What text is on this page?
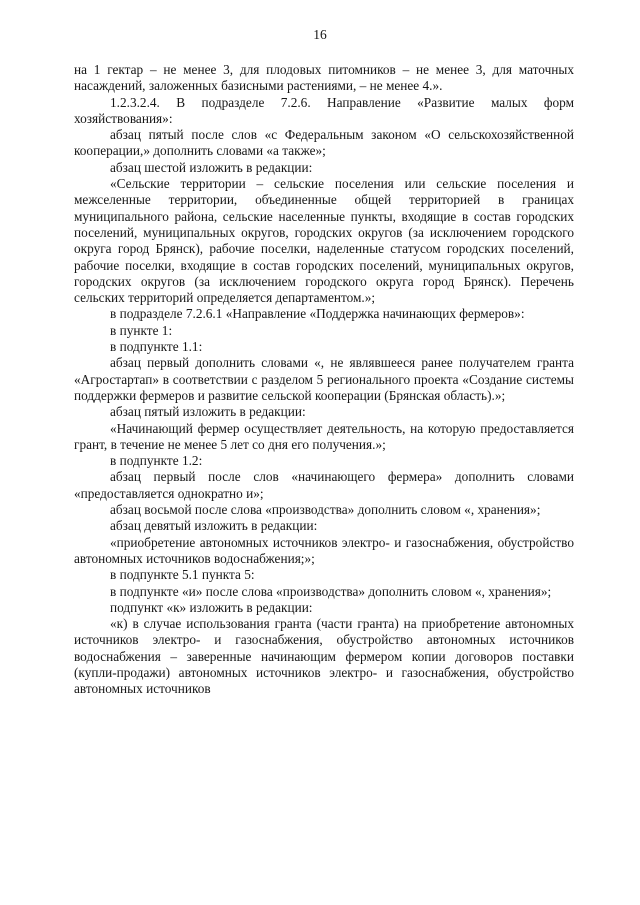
16

на 1 гектар – не менее 3, для плодовых питомников – не менее 3, для маточных насаждений, заложенных базисными растениями, – не менее 4.».

1.2.3.2.4. В подразделе 7.2.6. Направление «Развитие малых форм хозяйствования»:

абзац пятый после слов «с Федеральным законом «О сельскохозяйственной кооперации,» дополнить словами «а также»;

абзац шестой изложить в редакции:

«Сельские территории – сельские поселения или сельские поселения и межселенные территории, объединенные общей территорией в границах муниципального района, сельские населенные пункты, входящие в состав городских поселений, муниципальных округов, городских округов (за исключением городского округа город Брянск), рабочие поселки, наделенные статусом городских поселений, рабочие поселки, входящие в состав городских поселений, муниципальных округов, городских округов (за исключением городского округа город Брянск). Перечень сельских территорий определяется департаментом.»;

в подразделе 7.2.6.1 «Направление «Поддержка начинающих фермеров»:

в пункте 1:

в подпункте 1.1:

абзац первый дополнить словами «, не являвшееся ранее получателем гранта «Агростартап» в соответствии с разделом 5 регионального проекта «Создание системы поддержки фермеров и развитие сельской кооперации (Брянская область).»;

абзац пятый изложить в редакции:

«Начинающий фермер осуществляет деятельность, на которую предоставляется грант, в течение не менее 5 лет со дня его получения.»;

в подпункте 1.2:

абзац первый после слов «начинающего фермера» дополнить словами «предоставляется однократно и»;

абзац восьмой после слова «производства» дополнить словом «, хранения»;

абзац девятый изложить в редакции:

«приобретение автономных источников электро- и газоснабжения, обустройство автономных источников водоснабжения;»;

в подпункте 5.1 пункта 5:

в подпункте «и» после слова «производства» дополнить словом «, хранения»;

подпункт «к» изложить в редакции:

«к) в случае использования гранта (части гранта) на приобретение автономных источников электро- и газоснабжения, обустройство автономных источников водоснабжения – заверенные начинающим фермером копии договоров поставки (купли-продажи) автономных источников электро- и газоснабжения, обустройство автономных источников
